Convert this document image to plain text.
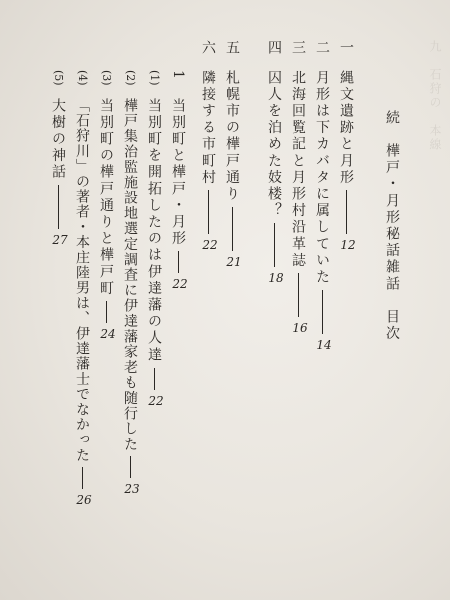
九　石狩の　本線
続　樺戸・月形秘話雑話　目次
一
二
三
四
五
六
縄文遺跡と月形12
月形は下カバタに属していた14
北海回覧記と月形村沿革誌16
囚人を泊めた妓楼？18
札幌市の樺戸通り21
隣接する市町村22
1
当別町と樺戸・月形22
(1)
(2)
(3)
(4)
(5)
当別町を開拓したのは伊達藩の人達22
樺戸集治監施設地選定調査に伊達藩家老も随行した23
当別町の樺戸通りと樺戸町24
「石狩川」の著者・本庄陸男は、伊達藩士でなかった26
大樹の神話27
